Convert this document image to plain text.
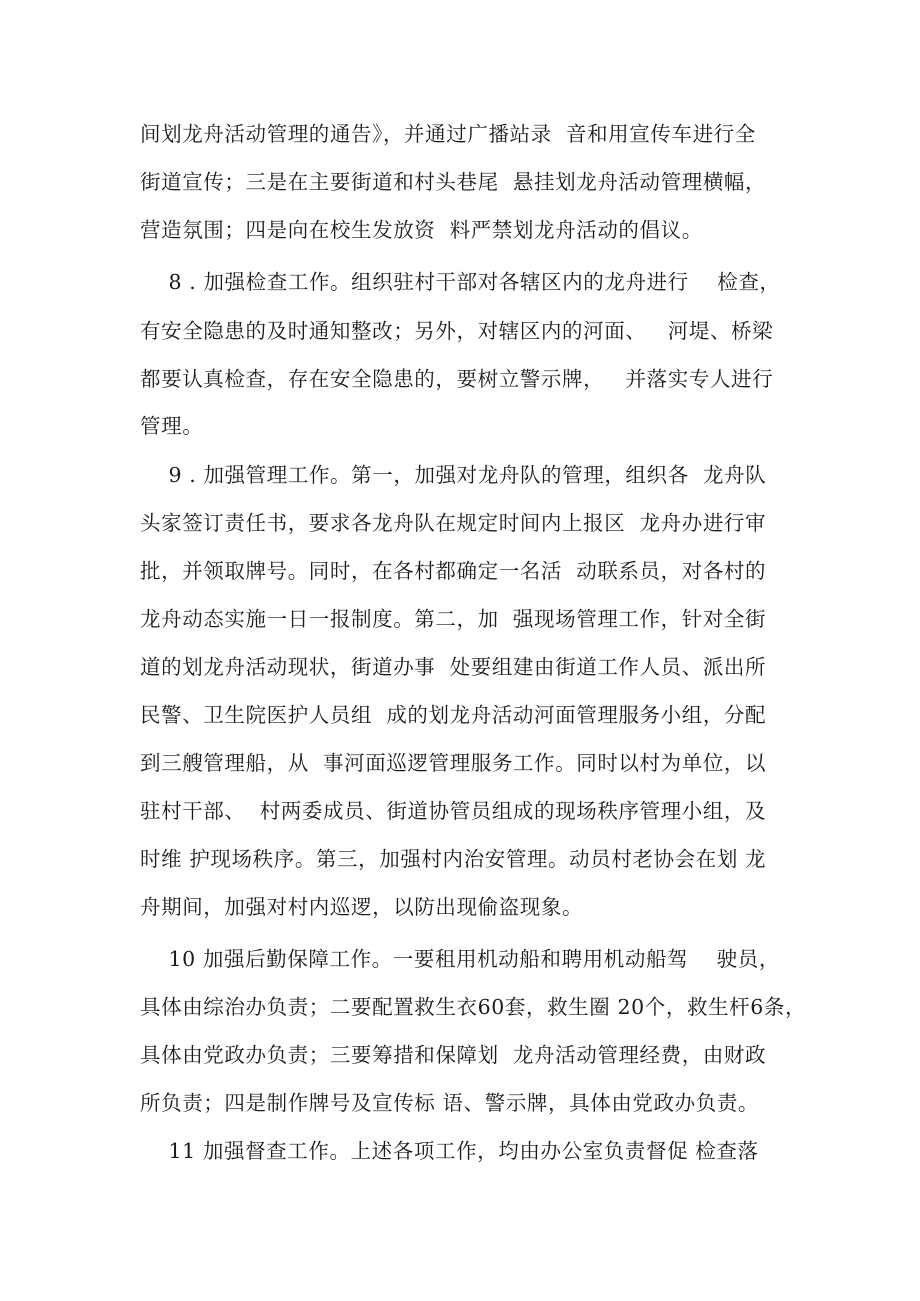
间划龙舟活动管理的通告》，并通过广播站录  音和用宣传车进行全
街道宣传；三是在主要街道和村头巷尾  悬挂划龙舟活动管理横幅，
营造氛围；四是向在校生发放资  料严禁划龙舟活动的倡议。
8 . 加强检查工作。组织驻村干部对各辖区内的龙舟进行    检查，
有安全隐患的及时通知整改；另外，对辖区内的河面、   河堤、桥梁
都要认真检查，存在安全隐患的，要树立警示牌，   并落实专人进行
管理。
9 . 加强管理工作。第一，加强对龙舟队的管理，组织各  龙舟队
头家签订责任书，要求各龙舟队在规定时间内上报区  龙舟办进行审
批，并领取牌号。同时，在各村都确定一名活  动联系员，对各村的
龙舟动态实施一日一报制度。第二，加  强现场管理工作，针对全街
道的划龙舟活动现状，街道办事  处要组建由街道工作人员、派出所
民警、卫生院医护人员组  成的划龙舟活动河面管理服务小组，分配
到三艘管理船，从  事河面巡逻管理服务工作。同时以村为单位，以
驻村干部、  村两委成员、街道协管员组成的现场秩序管理小组，及
时维 护现场秩序。第三，加强村内治安管理。动员村老协会在划 龙
舟期间，加强对村内巡逻，以防出现偷盗现象。
10 加强后勤保障工作。一要租用机动船和聘用机动船驾    驶员，
具体由综治办负责；二要配置救生衣60套，救生圈 20个，救生杆6条，
具体由党政办负责；三要筹措和保障划  龙舟活动管理经费，由财政
所负责；四是制作牌号及宣传标 语、警示牌，具体由党政办负责。
11 加强督查工作。上述各项工作，均由办公室负责督促 检查落
